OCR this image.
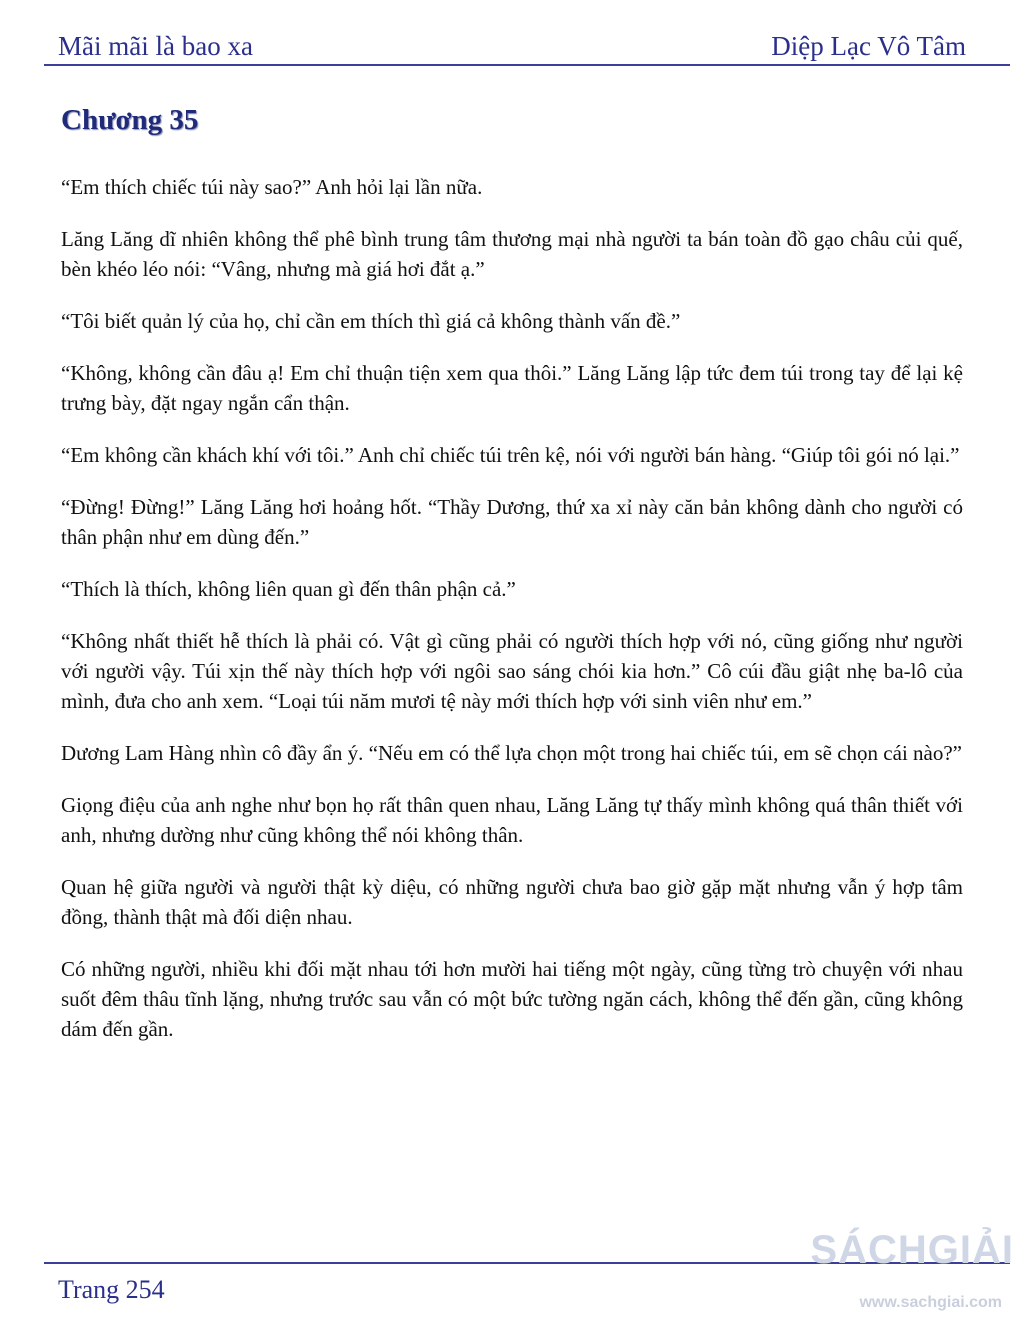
Mãi mãi là bao xa	Diệp Lạc Vô Tâm
Chương 35

“Em thích chiếc túi này sao?” Anh hỏi lại lần nữa.

Lăng Lăng dĩ nhiên không thể phê bình trung tâm thương mại nhà người ta bán toàn đồ gạo châu củi quế, bèn khéo léo nói: “Vâng, nhưng mà giá hơi đắt ạ.”

“Tôi biết quản lý của họ, chỉ cần em thích thì giá cả không thành vấn đề.”

“Không, không cần đâu ạ! Em chỉ thuận tiện xem qua thôi.” Lăng Lăng lập tức đem túi trong tay để lại kệ trưng bày, đặt ngay ngắn cẩn thận.

“Em không cần khách khí với tôi.” Anh chỉ chiếc túi trên kệ, nói với người bán hàng. “Giúp tôi gói nó lại.”

“Đừng! Đừng!” Lăng Lăng hơi hoảng hốt. “Thầy Dương, thứ xa xỉ này căn bản không dành cho người có thân phận như em dùng đến.”

“Thích là thích, không liên quan gì đến thân phận cả.”

“Không nhất thiết hễ thích là phải có. Vật gì cũng phải có người thích hợp với nó, cũng giống như người với người vậy. Túi xịn thế này thích hợp với ngôi sao sáng chói kia hơn.” Cô cúi đầu giật nhẹ ba-lô của mình, đưa cho anh xem. “Loại túi năm mươi tệ này mới thích hợp với sinh viên như em.”

Dương Lam Hàng nhìn cô đầy ẩn ý. “Nếu em có thể lựa chọn một trong hai chiếc túi, em sẽ chọn cái nào?”

Giọng điệu của anh nghe như bọn họ rất thân quen nhau, Lăng Lăng tự thấy mình không quá thân thiết với anh, nhưng dường như cũng không thể nói không thân.

Quan hệ giữa người và người thật kỳ diệu, có những người chưa bao giờ gặp mặt nhưng vẫn ý hợp tâm đồng, thành thật mà đối diện nhau.

Có những người, nhiều khi đối mặt nhau tới hơn mười hai tiếng một ngày, cũng từng trò chuyện với nhau suốt đêm thâu tĩnh lặng, nhưng trước sau vẫn có một bức tường ngăn cách, không thể đến gần, cũng không dám đến gần.

Trang 254
SÁCHGIẢI
www.sachgiai.com
